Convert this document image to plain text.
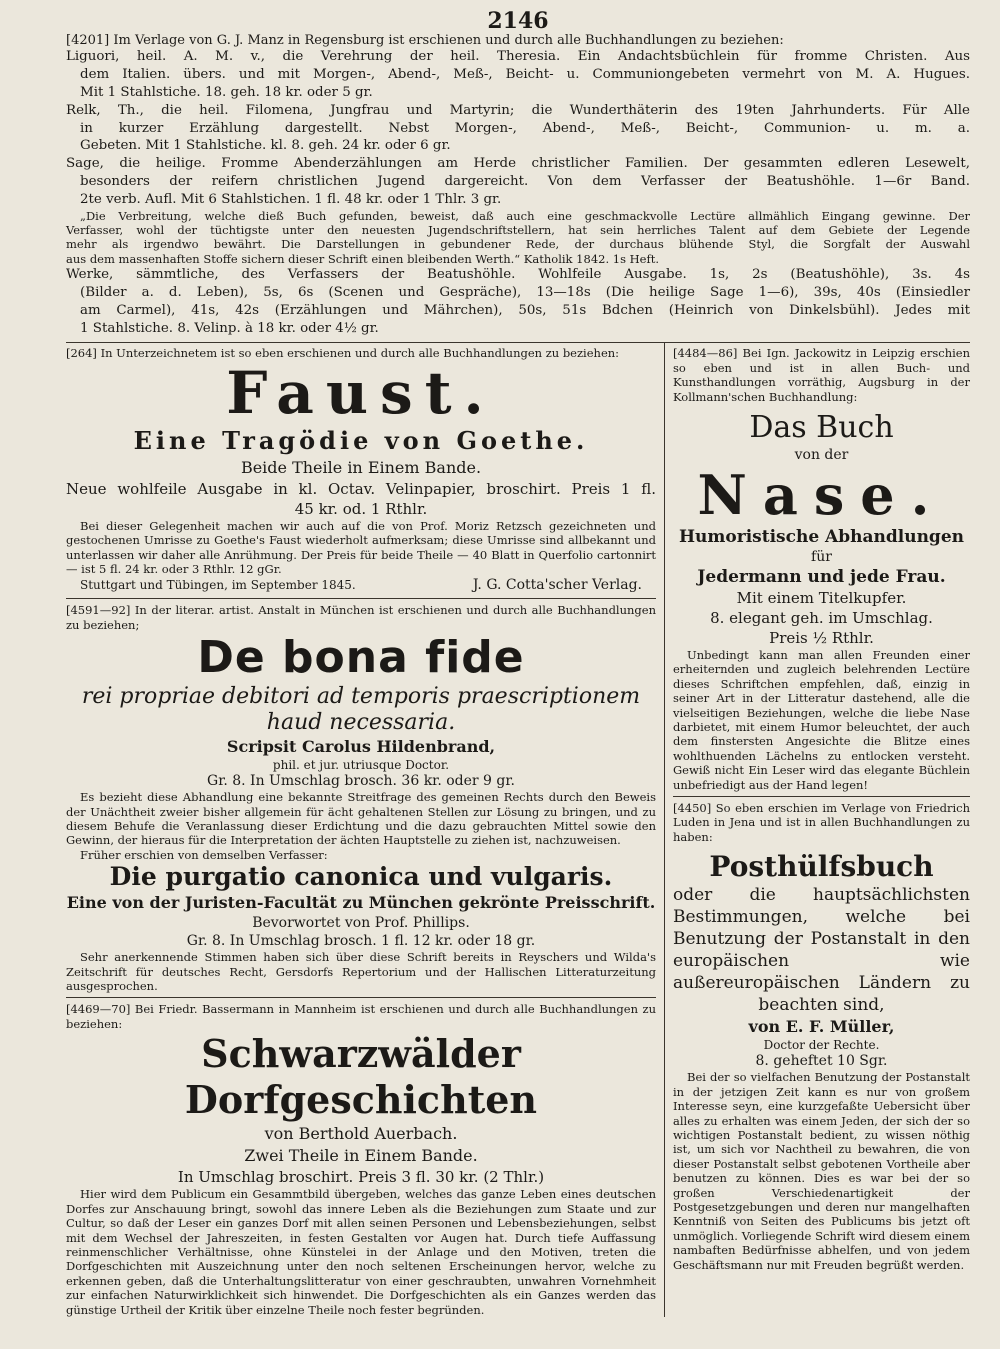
2146

[4201] Im Verlage von G. J. Manz in Regensburg ist erschienen und durch alle Buchhandlungen zu beziehen:

Liguori, heil. A. M. v., die Verehrung der heil. Theresia. Ein Andachtsbüchlein für fromme Christen. Aus

dem Italien. übers. und mit Morgen-, Abend-, Meß-, Beicht- u. Communiongebeten vermehrt von M. A. Hugues.

Mit 1 Stahlstiche. 18. geh. 18 kr. oder 5 gr.

Relk, Th., die heil. Filomena, Jungfrau und Martyrin; die Wunderthäterin des 19ten Jahrhunderts. Für Alle

in kurzer Erzählung dargestellt. Nebst Morgen-, Abend-, Meß-, Beicht-, Communion- u. m. a.

Gebeten. Mit 1 Stahlstiche. kl. 8. geh. 24 kr. oder 6 gr.

Sage, die heilige. Fromme Abenderzählungen am Herde christlicher Familien. Der gesammten edleren Lesewelt,

besonders der reifern christlichen Jugend dargereicht. Von dem Verfasser der Beatushöhle. 1—6r Band.

2te verb. Aufl. Mit 6 Stahlstichen. 1 fl. 48 kr. oder 1 Thlr. 3 gr.

„Die Verbreitung, welche dieß Buch gefunden, beweist, daß auch eine geschmackvolle Lectüre allmählich Eingang gewinne. Der

Verfasser, wohl der tüchtigste unter den neuesten Jugendschriftstellern, hat sein herrliches Talent auf dem Gebiete der Legende

mehr als irgendwo bewährt. Die Darstellungen in gebundener Rede, der durchaus blühende Styl, die Sorgfalt der Auswahl

aus dem massenhaften Stoffe sichern dieser Schrift einen bleibenden Werth.“ Katholik 1842. 1s Heft.

Werke, sämmtliche, des Verfassers der Beatushöhle. Wohlfeile Ausgabe. 1s, 2s (Beatushöhle), 3s. 4s

(Bilder a. d. Leben), 5s, 6s (Scenen und Gespräche), 13—18s (Die heilige Sage 1—6), 39s, 40s (Einsiedler

am Carmel), 41s, 42s (Erzählungen und Mährchen), 50s, 51s Bdchen (Heinrich von Dinkelsbühl). Jedes mit

1 Stahlstiche. 8. Velinp. à 18 kr. oder 4½ gr.

[264] In Unterzeichnetem ist so eben erschienen und durch alle Buchhandlungen zu beziehen:

Faust.

Eine Tragödie von Goethe.

Beide Theile in Einem Bande.

Neue wohlfeile Ausgabe in kl. Octav. Velinpapier, broschirt. Preis 1 fl.

45 kr. od. 1 Rthlr.

Bei dieser Gelegenheit machen wir auch auf die von Prof. Moriz Retzsch gezeichneten und gestochenen Umrisse zu Goethe's Faust wiederholt aufmerksam; diese Umrisse sind allbekannt und unterlassen wir daher alle Anrühmung. Der Preis für beide Theile — 40 Blatt in Querfolio cartonnirt — ist 5 fl. 24 kr. oder 3 Rthlr. 12 gGr.

Stuttgart und Tübingen, im September 1845.	J. G. Cotta'scher Verlag.

[4591—92] In der literar. artist. Anstalt in München ist erschienen und durch alle Buchhandlungen zu beziehen;

De bona fide

rei propriae debitori ad temporis praescriptionem haud necessaria.

Scripsit Carolus Hildenbrand,

phil. et jur. utriusque Doctor.

Gr. 8. In Umschlag brosch. 36 kr. oder 9 gr.

Es bezieht diese Abhandlung eine bekannte Streitfrage des gemeinen Rechts durch den Beweis der Unächtheit zweier bisher allgemein für ächt gehaltenen Stellen zur Lösung zu bringen, und zu diesem Behufe die Veranlassung dieser Erdichtung und die dazu gebrauchten Mittel sowie den Gewinn, der hieraus für die Interpretation der ächten Hauptstelle zu ziehen ist, nachzuweisen.

Früher erschien von demselben Verfasser:

Die purgatio canonica und vulgaris.

Eine von der Juristen-Facultät zu München gekrönte Preisschrift.

Bevorwortet von Prof. Phillips.

Gr. 8. In Umschlag brosch. 1 fl. 12 kr. oder 18 gr.

Sehr anerkennende Stimmen haben sich über diese Schrift bereits in Reyschers und Wilda's Zeitschrift für deutsches Recht, Gersdorfs Repertorium und der Hallischen Litteraturzeitung ausgesprochen.

[4469—70] Bei Friedr. Bassermann in Mannheim ist erschienen und durch alle Buchhandlungen zu beziehen:

Schwarzwälder Dorfgeschichten

von Berthold Auerbach.

Zwei Theile in Einem Bande.

In Umschlag broschirt. Preis 3 fl. 30 kr. (2 Thlr.)

Hier wird dem Publicum ein Gesammtbild übergeben, welches das ganze Leben eines deutschen Dorfes zur Anschauung bringt, sowohl das innere Leben als die Beziehungen zum Staate und zur Cultur, so daß der Leser ein ganzes Dorf mit allen seinen Personen und Lebensbeziehungen, selbst mit dem Wechsel der Jahreszeiten, in festen Gestalten vor Augen hat. Durch tiefe Auffassung reinmenschlicher Verhältnisse, ohne Künstelei in der Anlage und den Motiven, treten die Dorfgeschichten mit Auszeichnung unter den noch seltenen Erscheinungen hervor, welche zu erkennen geben, daß die Unterhaltungslitteratur von einer geschraubten, unwahren Vornehmheit zur einfachen Naturwirklichkeit sich hinwendet. Die Dorfgeschichten als ein Ganzes werden das günstige Urtheil der Kritik über einzelne Theile noch fester begründen.

[4484—86] Bei Ign. Jackowitz in Leipzig erschien so eben und ist in allen Buch- und Kunsthandlungen vorräthig, Augsburg in der Kollmann'schen Buchhandlung:

Das Buch

von der

Nase.

Humoristische Abhandlungen

für

Jedermann und jede Frau.

Mit einem Titelkupfer.

8. elegant geh. im Umschlag.

Preis ½ Rthlr.

Unbedingt kann man allen Freunden einer erheiternden und zugleich belehrenden Lectüre dieses Schriftchen empfehlen, daß, einzig in seiner Art in der Litteratur dastehend, alle die vielseitigen Beziehungen, welche die liebe Nase darbietet, mit einem Humor beleuchtet, der auch dem finstersten Angesichte die Blitze eines wohlthuenden Lächelns zu entlocken versteht. Gewiß nicht Ein Leser wird das elegante Büchlein unbefriedigt aus der Hand legen!

[4450] So eben erschien im Verlage von Friedrich Luden in Jena und ist in allen Buchhandlungen zu haben:

Posthülfsbuch

oder die hauptsächlichsten Bestimmungen, welche bei Benutzung der Postanstalt in den europäischen wie außereuropäischen Ländern zu beachten sind,

von E. F. Müller,

Doctor der Rechte.

8. geheftet 10 Sgr.

Bei der so vielfachen Benutzung der Postanstalt in der jetzigen Zeit kann es nur von großem Interesse seyn, eine kurzgefaßte Uebersicht über alles zu erhalten was einem Jeden, der sich der so wichtigen Postanstalt bedient, zu wissen nöthig ist, um sich vor Nachtheil zu bewahren, die von dieser Postanstalt selbst gebotenen Vortheile aber benutzen zu können. Dies es war bei der so großen Verschiedenartigkeit der Postgesetzgebungen und deren nur mangelhaften Kenntniß von Seiten des Publicums bis jetzt oft unmöglich. Vorliegende Schrift wird diesem einem nambaften Bedürfnisse abhelfen, und von jedem Geschäftsmann nur mit Freuden begrüßt werden.
